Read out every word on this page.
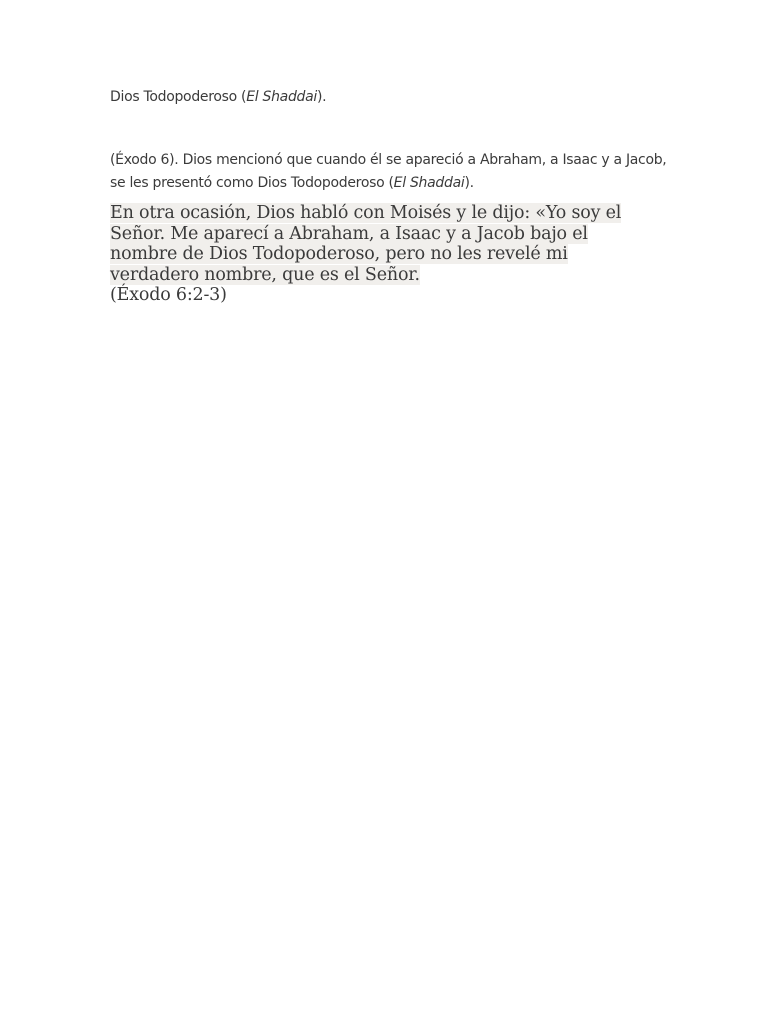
Dios Todopoderoso (El Shaddai).

(Éxodo 6). Dios mencionó que cuando él se apareció a Abraham, a Isaac y a Jacob, se les presentó como Dios Todopoderoso (El Shaddai).

En otra ocasión, Dios habló con Moisés y le dijo: «Yo soy el Señor. Me aparecí a Abraham, a Isaac y a Jacob bajo el nombre de Dios Todopoderoso, pero no les revelé mi verdadero nombre, que es el Señor.
(Éxodo 6:2-3)
